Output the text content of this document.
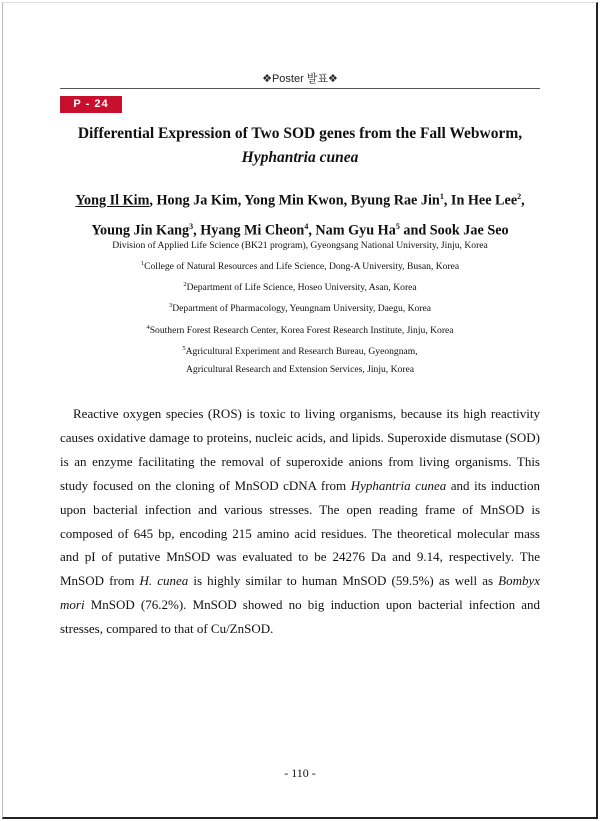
❖Poster 발표❖
P - 24
Differential Expression of Two SOD genes from the Fall Webworm,
Hyphantria cunea
Yong Il Kim, Hong Ja Kim, Yong Min Kwon, Byung Rae Jin$^1$, In Hee Lee$^2$,
Young Jin Kang$^3$, Hyang Mi Cheon$^4$, Nam Gyu Ha$^5$ and Sook Jae Seo
Division of Applied Life Science (BK21 program), Gyeongsang National University, Jinju, Korea
$^1$College of Natural Resources and Life Science, Dong-A University, Busan, Korea
$^2$Department of Life Science, Hoseo University, Asan, Korea
$^3$Department of Pharmacology, Yeungnam University, Daegu, Korea
$^4$Southern Forest Research Center, Korea Forest Research Institute, Jinju, Korea
$^5$Agricultural Experiment and Research Bureau, Gyeongnam,
Agricultural Research and Extension Services, Jinju, Korea
Reactive oxygen species (ROS) is toxic to living organisms, because its high reactivity causes oxidative damage to proteins, nucleic acids, and lipids. Superoxide dismutase (SOD) is an enzyme facilitating the removal of superoxide anions from living organisms. This study focused on the cloning of MnSOD cDNA from Hyphantria cunea and its induction upon bacterial infection and various stresses. The open reading frame of MnSOD is composed of 645 bp, encoding 215 amino acid residues. The theoretical molecular mass and pI of putative MnSOD was evaluated to be 24276 Da and 9.14, respectively. The MnSOD from H. cunea is highly similar to human MnSOD (59.5%) as well as Bombyx mori MnSOD (76.2%). MnSOD showed no big induction upon bacterial infection and stresses, compared to that of Cu/ZnSOD.
- 110 -
